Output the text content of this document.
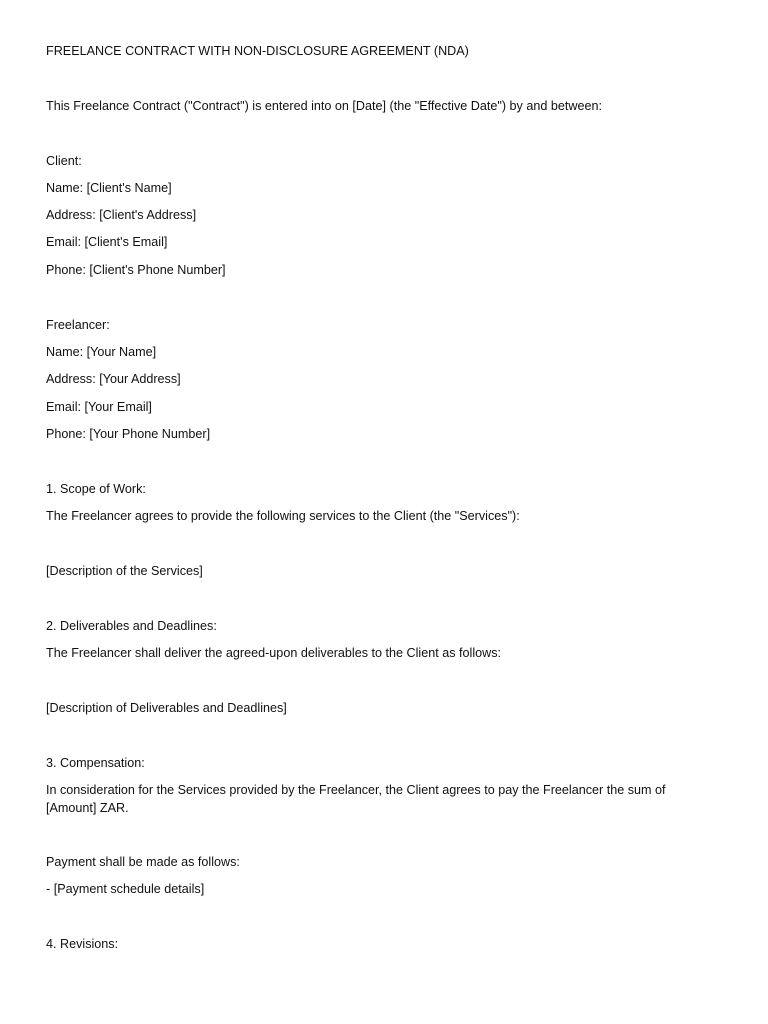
FREELANCE CONTRACT WITH NON-DISCLOSURE AGREEMENT (NDA)
This Freelance Contract ("Contract") is entered into on [Date] (the "Effective Date") by and between:
Client:
Name: [Client's Name]
Address: [Client's Address]
Email: [Client's Email]
Phone: [Client's Phone Number]
Freelancer:
Name: [Your Name]
Address: [Your Address]
Email: [Your Email]
Phone: [Your Phone Number]
1. Scope of Work:
The Freelancer agrees to provide the following services to the Client (the "Services"):
[Description of the Services]
2. Deliverables and Deadlines:
The Freelancer shall deliver the agreed-upon deliverables to the Client as follows:
[Description of Deliverables and Deadlines]
3. Compensation:
In consideration for the Services provided by the Freelancer, the Client agrees to pay the Freelancer the sum of [Amount] ZAR.
Payment shall be made as follows:
- [Payment schedule details]
4. Revisions:
